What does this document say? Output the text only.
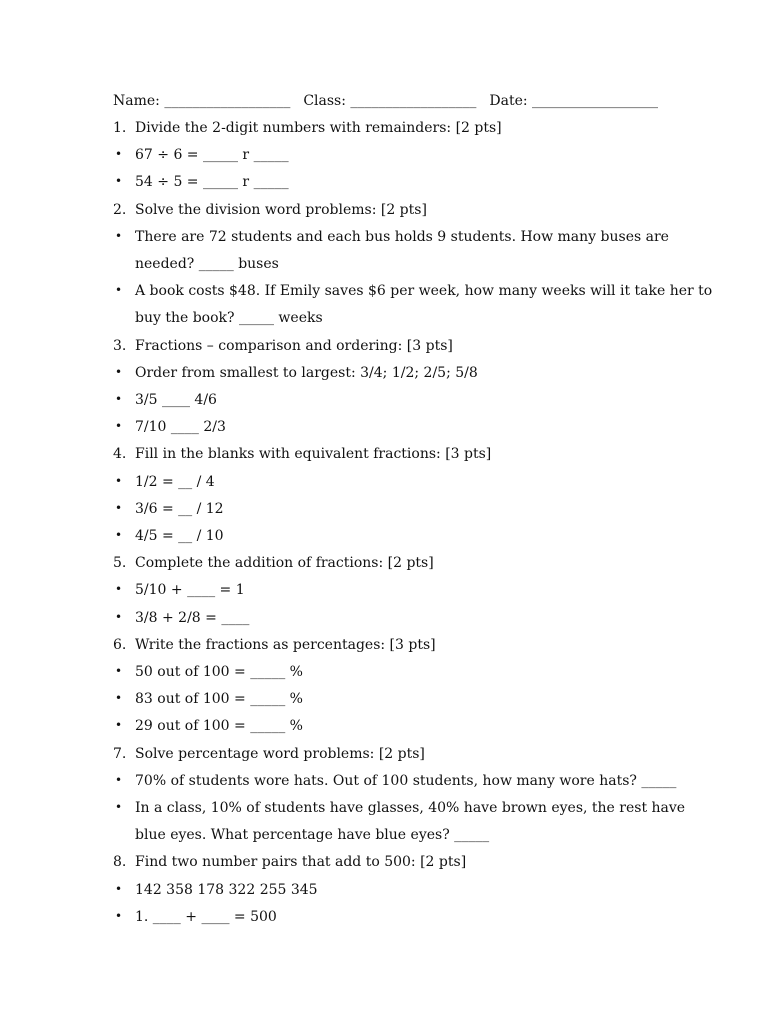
Name: __________________ Class: __________________ Date: __________________
1. Divide the 2-digit numbers with remainders: [2 pts]
• 67 ÷ 6 = _____ r _____
• 54 ÷ 5 = _____ r _____
2. Solve the division word problems: [2 pts]
• There are 72 students and each bus holds 9 students. How many buses are
needed? _____ buses
• A book costs $48. If Emily saves $6 per week, how many weeks will it take her to
buy the book? _____ weeks
3. Fractions – comparison and ordering: [3 pts]
• Order from smallest to largest: 3/4; 1/2; 2/5; 5/8
• 3/5 ____ 4/6
• 7/10 ____ 2/3
4. Fill in the blanks with equivalent fractions: [3 pts]
• 1/2 = __ / 4
• 3/6 = __ / 12
• 4/5 = __ / 10
5. Complete the addition of fractions: [2 pts]
• 5/10 + ____ = 1
• 3/8 + 2/8 = ____
6. Write the fractions as percentages: [3 pts]
• 50 out of 100 = _____ %
• 83 out of 100 = _____ %
• 29 out of 100 = _____ %
7. Solve percentage word problems: [2 pts]
• 70% of students wore hats. Out of 100 students, how many wore hats? _____
• In a class, 10% of students have glasses, 40% have brown eyes, the rest have
blue eyes. What percentage have blue eyes? _____
8. Find two number pairs that add to 500: [2 pts]
• 142 358 178 322 255 345
• 1. ____ + ____ = 500
